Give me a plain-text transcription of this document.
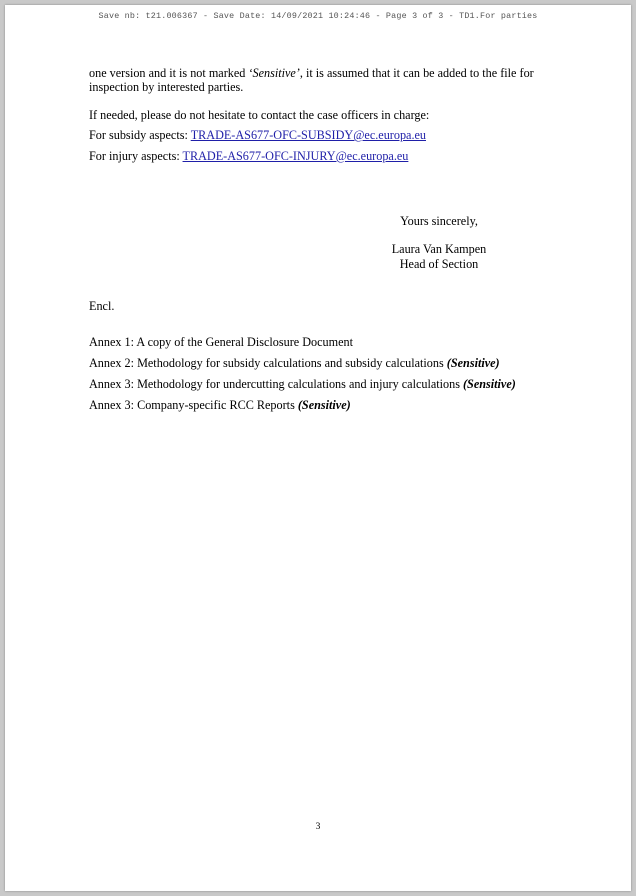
Save nb: t21.006367 - Save Date: 14/09/2021 10:24:46 - Page 3 of 3 - TD1.For parties

one version and it is not marked ‘Sensitive’, it is assumed that it can be added to the file for inspection by interested parties.

If needed, please do not hesitate to contact the case officers in charge:

For subsidy aspects: TRADE-AS677-OFC-SUBSIDY@ec.europa.eu

For injury aspects: TRADE-AS677-OFC-INJURY@ec.europa.eu

Yours sincerely,
Laura Van Kampen
Head of Section

Encl.

Annex 1: A copy of the General Disclosure Document
Annex 2: Methodology for subsidy calculations and subsidy calculations (Sensitive)
Annex 3: Methodology for undercutting calculations and injury calculations (Sensitive)
Annex 3: Company-specific RCC Reports (Sensitive)
3
